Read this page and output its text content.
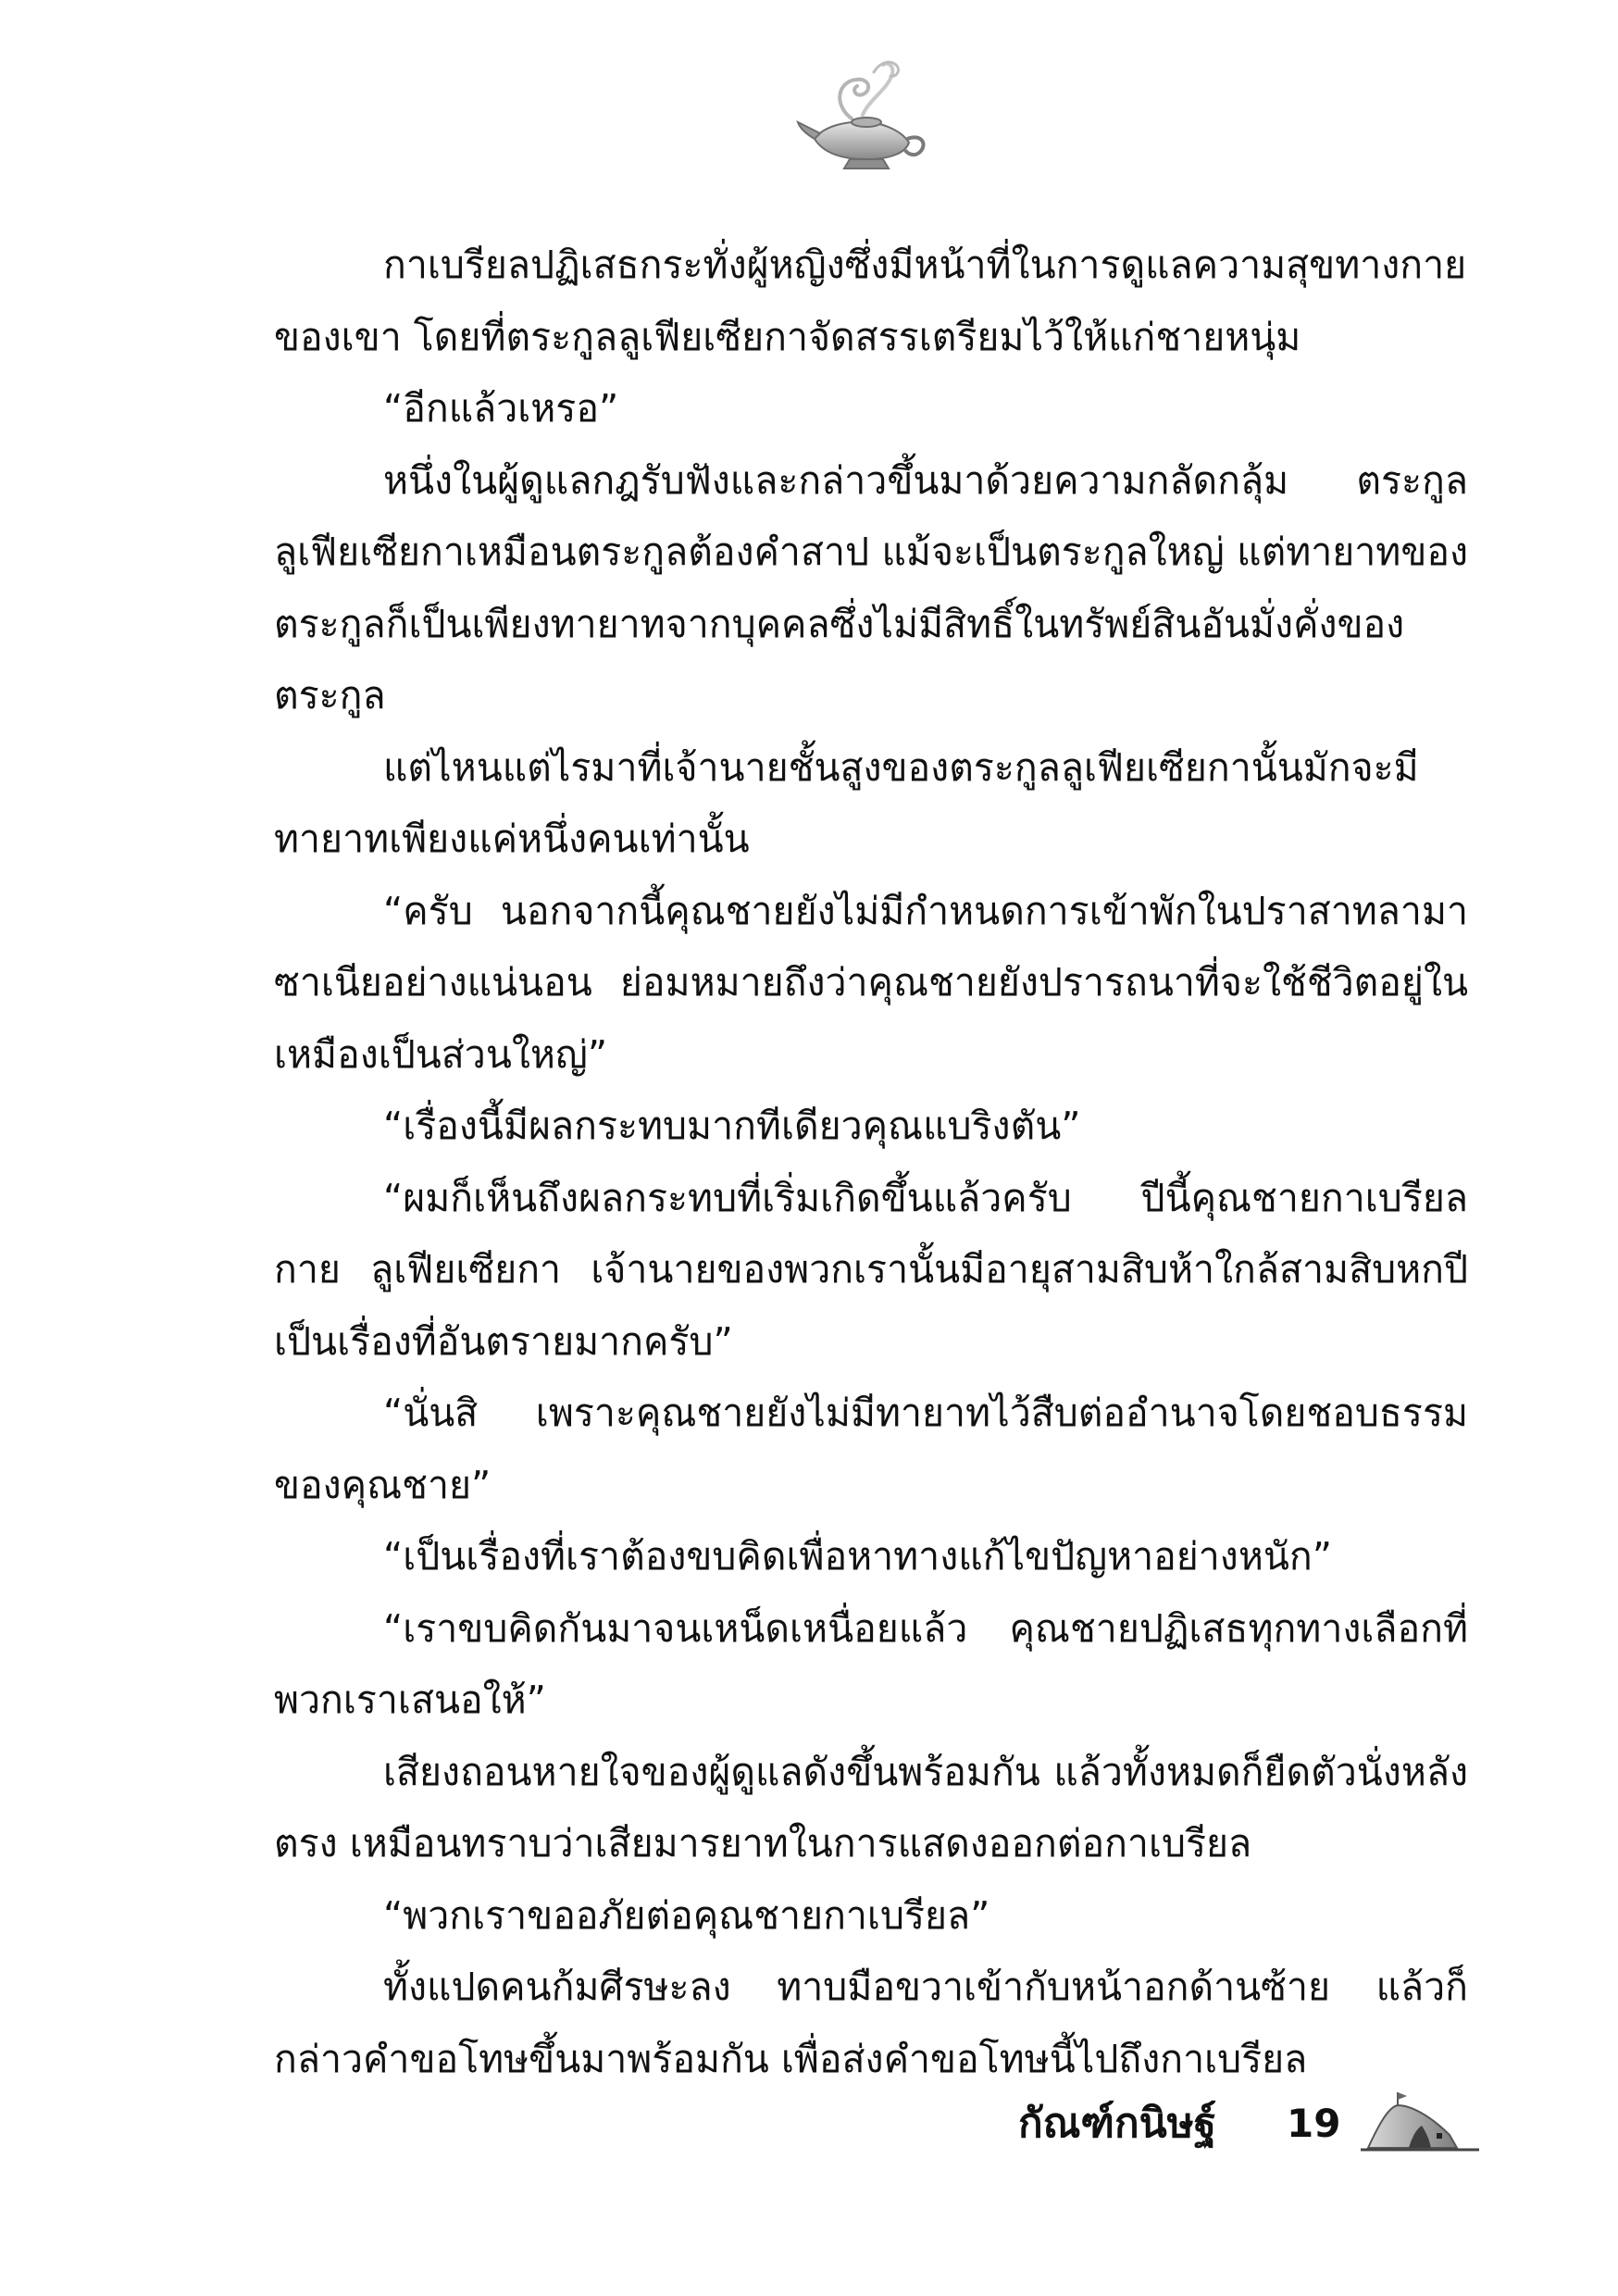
กาเบรียลปฏิเสธกระทั่งผู้หญิงซึ่งมีหน้าที่ในการดูแลความสุขทางกายของเขา โดยที่ตระกูลลูเฟียเซียกาจัดสรรเตรียมไว้ให้แก่ชายหนุ่ม

“อีกแล้วเหรอ”

หนึ่งในผู้ดูแลกฎรับฟังและกล่าวขึ้นมาด้วยความกลัดกลุ้ม ตระกูลลูเฟียเซียกาเหมือนตระกูลต้องคำสาป แม้จะเป็นตระกูลใหญ่ แต่ทายาทของตระกูลก็เป็นเพียงทายาทจากบุคคลซึ่งไม่มีสิทธิ์ในทรัพย์สินอันมั่งคั่งของตระกูล

แต่ไหนแต่ไรมาที่เจ้านายชั้นสูงของตระกูลลูเฟียเซียกานั้นมักจะมีทายาทเพียงแค่หนึ่งคนเท่านั้น

“ครับ นอกจากนี้คุณชายยังไม่มีกำหนดการเข้าพักในปราสาทลามาซาเนียอย่างแน่นอน ย่อมหมายถึงว่าคุณชายยังปรารถนาที่จะใช้ชีวิตอยู่ในเหมืองเป็นส่วนใหญ่”

“เรื่องนี้มีผลกระทบมากทีเดียวคุณแบริงตัน”

“ผมก็เห็นถึงผลกระทบที่เริ่มเกิดขึ้นแล้วครับ ปีนี้คุณชายกาเบรียล กาย ลูเฟียเซียกา เจ้านายของพวกเรานั้นมีอายุสามสิบห้าใกล้สามสิบหกปี เป็นเรื่องที่อันตรายมากครับ”

“นั่นสิ เพราะคุณชายยังไม่มีทายาทไว้สืบต่ออำนาจโดยชอบธรรมของคุณชาย”

“เป็นเรื่องที่เราต้องขบคิดเพื่อหาทางแก้ไขปัญหาอย่างหนัก”

“เราขบคิดกันมาจนเหน็ดเหนื่อยแล้ว คุณชายปฏิเสธทุกทางเลือกที่พวกเราเสนอให้”

เสียงถอนหายใจของผู้ดูแลดังขึ้นพร้อมกัน แล้วทั้งหมดก็ยืดตัวนั่งหลังตรง เหมือนทราบว่าเสียมารยาทในการแสดงออกต่อกาเบรียล

“พวกเราขออภัยต่อคุณชายกาเบรียล”

ทั้งแปดคนก้มศีรษะลง ทาบมือขวาเข้ากับหน้าอกด้านซ้าย แล้วก็กล่าวคำขอโทษขึ้นมาพร้อมกัน เพื่อส่งคำขอโทษนี้ไปถึงกาเบรียล

กัณฑ์กนิษฐ์ 19
